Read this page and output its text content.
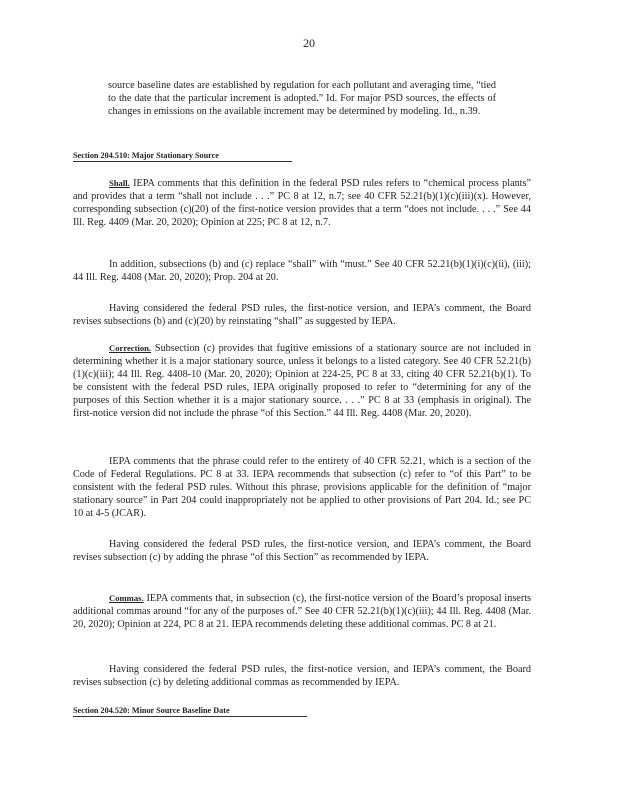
20

source baseline dates are established by regulation for each pollutant and averaging time, “tied to the date that the particular increment is adopted.” Id. For major PSD sources, the effects of changes in emissions on the available increment may be determined by modeling. Id., n.39.

Section 204.510: Major Stationary Source

Shall. IEPA comments that this definition in the federal PSD rules refers to “chemical process plants” and provides that a term “shall not include . . .” PC 8 at 12, n.7; see 40 CFR 52.21(b)(1)(c)(iii)(x). However, corresponding subsection (c)(20) of the first-notice version provides that a term “does not include. . . .” See 44 Ill. Reg. 4409 (Mar. 20, 2020); Opinion at 225; PC 8 at 12, n.7.

In addition, subsections (b) and (c) replace “shall” with “must.” See 40 CFR 52.21(b)(1)(i)(c)(ii), (iii); 44 Ill. Reg. 4408 (Mar. 20, 2020); Prop. 204 at 20.

Having considered the federal PSD rules, the first-notice version, and IEPA’s comment, the Board revises subsections (b) and (c)(20) by reinstating “shall” as suggested by IEPA.

Correction. Subsection (c) provides that fugitive emissions of a stationary source are not included in determining whether it is a major stationary source, unless it belongs to a listed category. See 40 CFR 52.21(b)(1)(c)(iii); 44 Ill. Reg. 4408-10 (Mar. 20, 2020); Opinion at 224-25, PC 8 at 33, citing 40 CFR 52.21(b)(1). To be consistent with the federal PSD rules, IEPA originally proposed to refer to “determining for any of the purposes of this Section whether it is a major stationary source. . . .” PC 8 at 33 (emphasis in original). The first-notice version did not include the phrase “of this Section.” 44 Ill. Reg. 4408 (Mar. 20, 2020).

IEPA comments that the phrase could refer to the entirety of 40 CFR 52.21, which is a section of the Code of Federal Regulations. PC 8 at 33. IEPA recommends that subsection (c) refer to “of this Part” to be consistent with the federal PSD rules. Without this phrase, provisions applicable for the definition of “major stationary source” in Part 204 could inappropriately not be applied to other provisions of Part 204. Id.; see PC 10 at 4-5 (JCAR).

Having considered the federal PSD rules, the first-notice version, and IEPA’s comment, the Board revises subsection (c) by adding the phrase “of this Section” as recommended by IEPA.

Commas. IEPA comments that, in subsection (c), the first-notice version of the Board’s proposal inserts additional commas around “for any of the purposes of.” See 40 CFR 52.21(b)(1)(c)(iii); 44 Ill. Reg. 4408 (Mar. 20, 2020); Opinion at 224, PC 8 at 21. IEPA recommends deleting these additional commas. PC 8 at 21.

Having considered the federal PSD rules, the first-notice version, and IEPA’s comment, the Board revises subsection (c) by deleting additional commas as recommended by IEPA.

Section 204.520: Minor Source Baseline Date
